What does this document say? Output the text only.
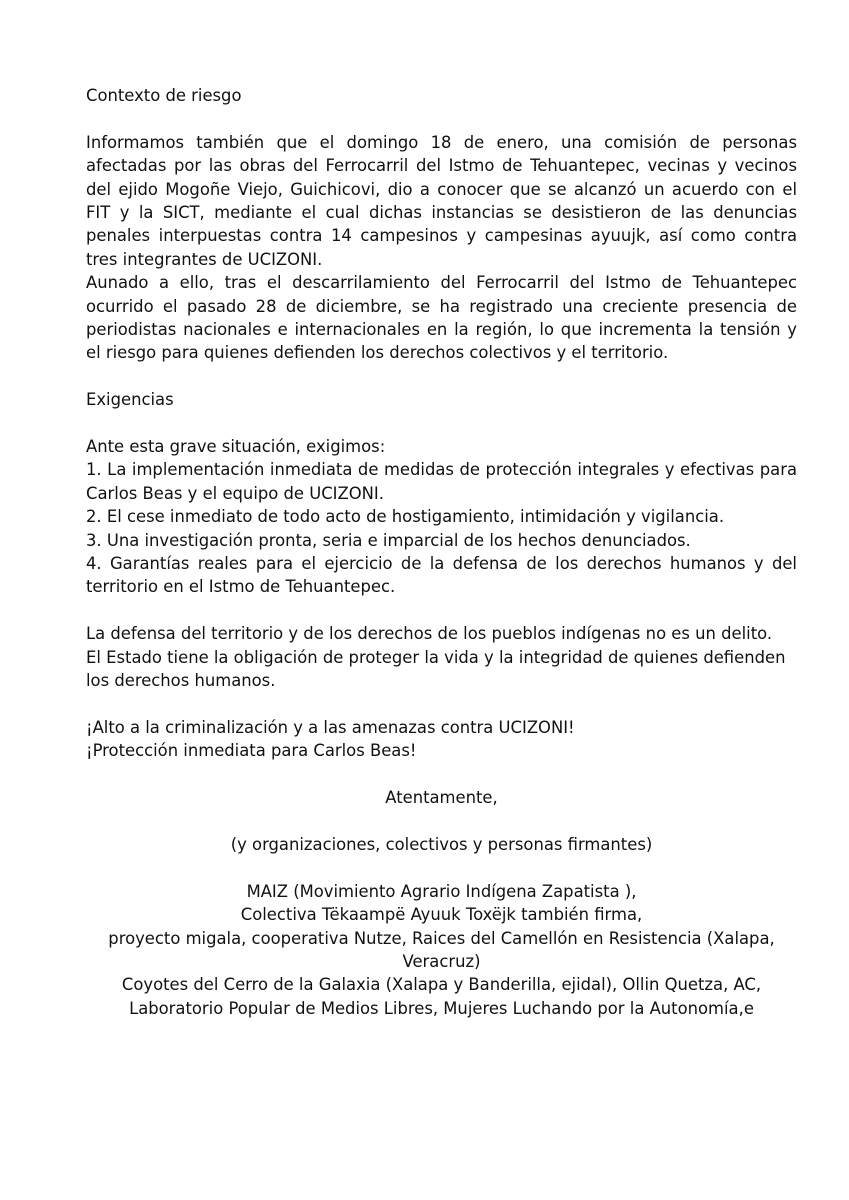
Contexto de riesgo

Informamos también que el domingo 18 de enero, una comisión de personas afectadas por las obras del Ferrocarril del Istmo de Tehuantepec, vecinas y vecinos del ejido Mogoñe Viejo, Guichicovi, dio a conocer que se alcanzó un acuerdo con el FIT y la SICT, mediante el cual dichas instancias se desistieron de las denuncias penales interpuestas contra 14 campesinos y campesinas ayuujk, así como contra tres integrantes de UCIZONI.

Aunado a ello, tras el descarrilamiento del Ferrocarril del Istmo de Tehuantepec ocurrido el pasado 28 de diciembre, se ha registrado una creciente presencia de periodistas nacionales e internacionales en la región, lo que incrementa la tensión y el riesgo para quienes defienden los derechos colectivos y el territorio.

Exigencias

Ante esta grave situación, exigimos:

1. La implementación inmediata de medidas de protección integrales y efectivas para Carlos Beas y el equipo de UCIZONI.

2. El cese inmediato de todo acto de hostigamiento, intimidación y vigilancia.

3. Una investigación pronta, seria e imparcial de los hechos denunciados.

4. Garantías reales para el ejercicio de la defensa de los derechos humanos y del territorio en el Istmo de Tehuantepec.

La defensa del territorio y de los derechos de los pueblos indígenas no es un delito.

El Estado tiene la obligación de proteger la vida y la integridad de quienes defienden los derechos humanos.

¡Alto a la criminalización y a las amenazas contra UCIZONI!

¡Protección inmediata para Carlos Beas!

Atentamente,

(y organizaciones, colectivos y personas firmantes)

MAIZ (Movimiento Agrario Indígena Zapatista ),

Colectiva Tëkaampë Ayuuk Toxëjk también firma,

proyecto migala, cooperativa Nutze, Raices del Camellón en Resistencia (Xalapa, Veracruz)

Coyotes del Cerro de la Galaxia (Xalapa y Banderilla, ejidal), Ollin Quetza, AC, Laboratorio Popular de Medios Libres, Mujeres Luchando por la Autonomía,e
